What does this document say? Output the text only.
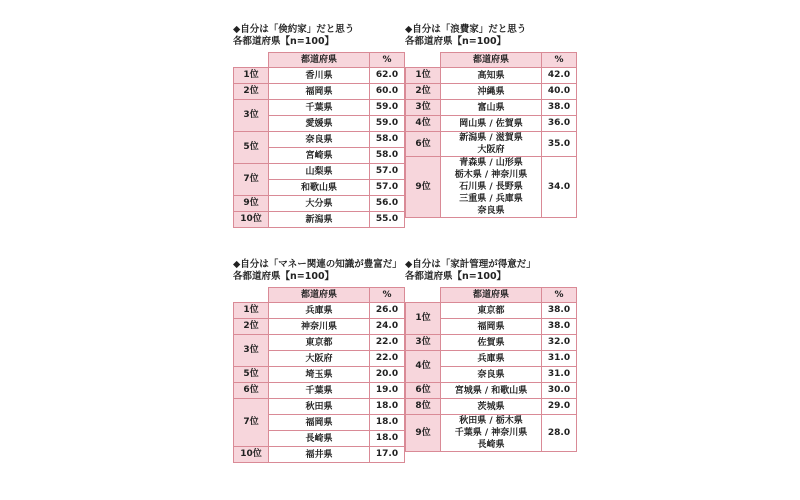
◆自分は「倹約家」だと思う
各都道府県【n=100】
	都道府県	%
1位	香川県	62.0
2位	福岡県	60.0
3位	千葉県	59.0

	愛媛県	59.0
5位	奈良県	58.0

	宮崎県	58.0
7位	山梨県	57.0

	和歌山県	57.0
9位	大分県	56.0
10位	新潟県	55.0
◆自分は「浪費家」だと思う
各都道府県【n=100】
	都道府県	%
1位	高知県	42.0
2位	沖縄県	40.0
3位	富山県	38.0
4位	岡山県 / 佐賀県	36.0
6位	新潟県 / 滋賀県
大阪府	35.0
9位	青森県 / 山形県
栃木県 / 神奈川県
石川県 / 長野県
三重県 / 兵庫県
奈良県	34.0
◆自分は「マネー関連の知識が豊富だ」
各都道府県【n=100】
	都道府県	%
1位	兵庫県	26.0
2位	神奈川県	24.0
3位	東京都	22.0

	大阪府	22.0
5位	埼玉県	20.0
6位	千葉県	19.0
7位	秋田県	18.0

	福岡県	18.0

	長崎県	18.0
10位	福井県	17.0
◆自分は「家計管理が得意だ」
各都道府県【n=100】
	都道府県	%
1位	東京都	38.0

	福岡県	38.0
3位	佐賀県	32.0
4位	兵庫県	31.0

	奈良県	31.0
6位	宮城県 / 和歌山県	30.0
8位	茨城県	29.0
9位	秋田県 / 栃木県
千葉県 / 神奈川県
長崎県	28.0
